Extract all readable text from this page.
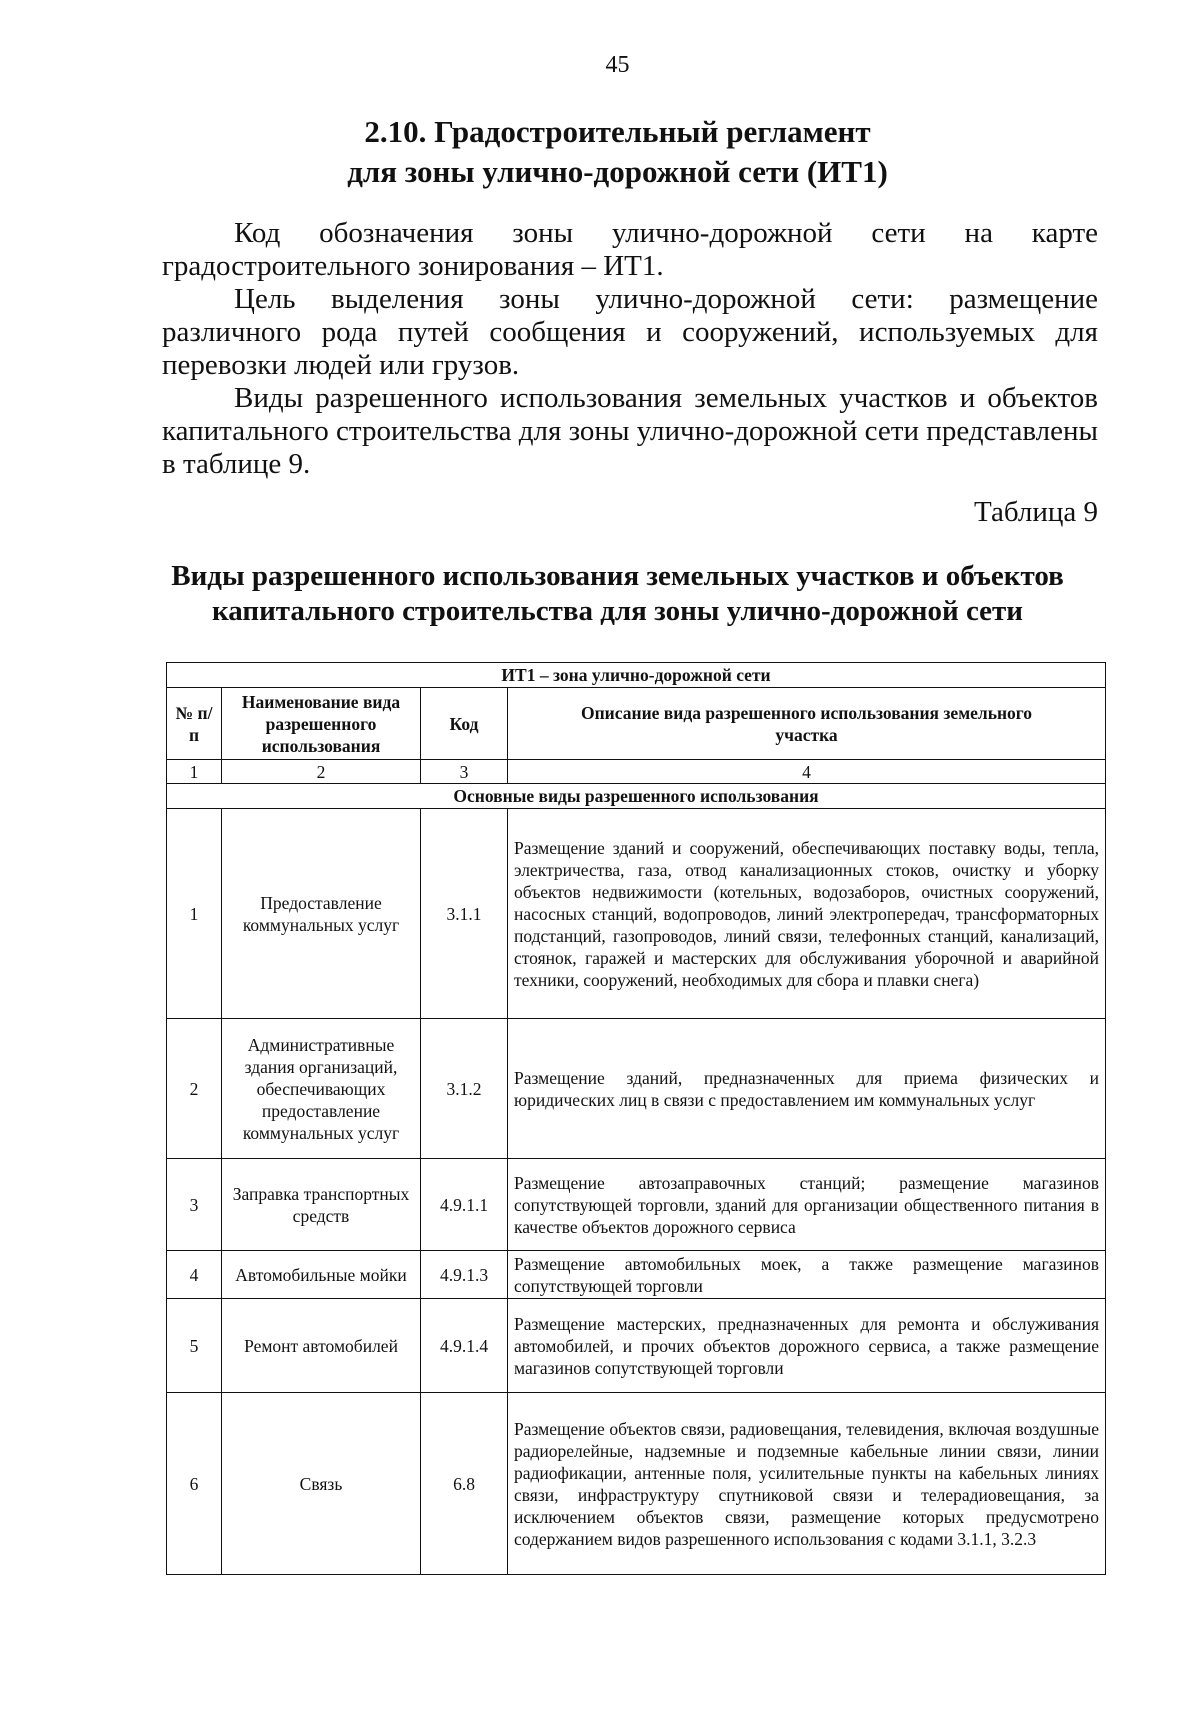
45
2.10. Градостроительный регламент
для зоны улично-дорожной сети (ИТ1)

Код обозначения зоны улично-дорожной сети на карте градостроительного зонирования – ИТ1.

Цель выделения зоны улично-дорожной сети: размещение различного рода путей сообщения и сооружений, используемых для перевозки людей или грузов.

Виды разрешенного использования земельных участков и объектов капитального строительства для зоны улично-дорожной сети представлены в таблице 9.

Таблица 9
Виды разрешенного использования земельных участков и объектов
капитального строительства для зоны улично-дорожной сети
ИТ1 – зона улично-дорожной сети			
№ п/п	Наименование вида разрешенного использования	Код	Описание вида разрешенного использования земельного участка
1	2	3	4
Основные виды разрешенного использования			
1	Предоставление коммунальных услуг	3.1.1	Размещение зданий и сооружений, обеспечивающих поставку воды, тепла, электричества, газа, отвод канализационных стоков, очистку и уборку объектов недвижимости (котельных, водозаборов, очистных сооружений, насосных станций, водопроводов, линий электропередач, трансформаторных подстанций, газопроводов, линий связи, телефонных станций, канализаций, стоянок, гаражей и мастерских для обслуживания уборочной и аварийной техники, сооружений, необходимых для сбора и плавки снега)
2	Административные здания организаций, обеспечивающих предоставление коммунальных услуг	3.1.2	Размещение зданий, предназначенных для приема физических и юридических лиц в связи с предоставлением им коммунальных услуг
3	Заправка транспортных средств	4.9.1.1	Размещение автозаправочных станций; размещение магазинов сопутствующей торговли, зданий для организации общественного питания в качестве объектов дорожного сервиса
4	Автомобильные мойки	4.9.1.3	Размещение автомобильных моек, а также размещение магазинов сопутствующей торговли
5	Ремонт автомобилей	4.9.1.4	Размещение мастерских, предназначенных для ремонта и обслуживания автомобилей, и прочих объектов дорожного сервиса, а также размещение магазинов сопутствующей торговли
6	Связь	6.8	Размещение объектов связи, радиовещания, телевидения, включая воздушные радиорелейные, надземные и подземные кабельные линии связи, линии радиофикации, антенные поля, усилительные пункты на кабельных линиях связи, инфраструктуру спутниковой связи и телерадиовещания, за исключением объектов связи, размещение которых предусмотрено содержанием видов разрешенного использования с кодами 3.1.1, 3.2.3
